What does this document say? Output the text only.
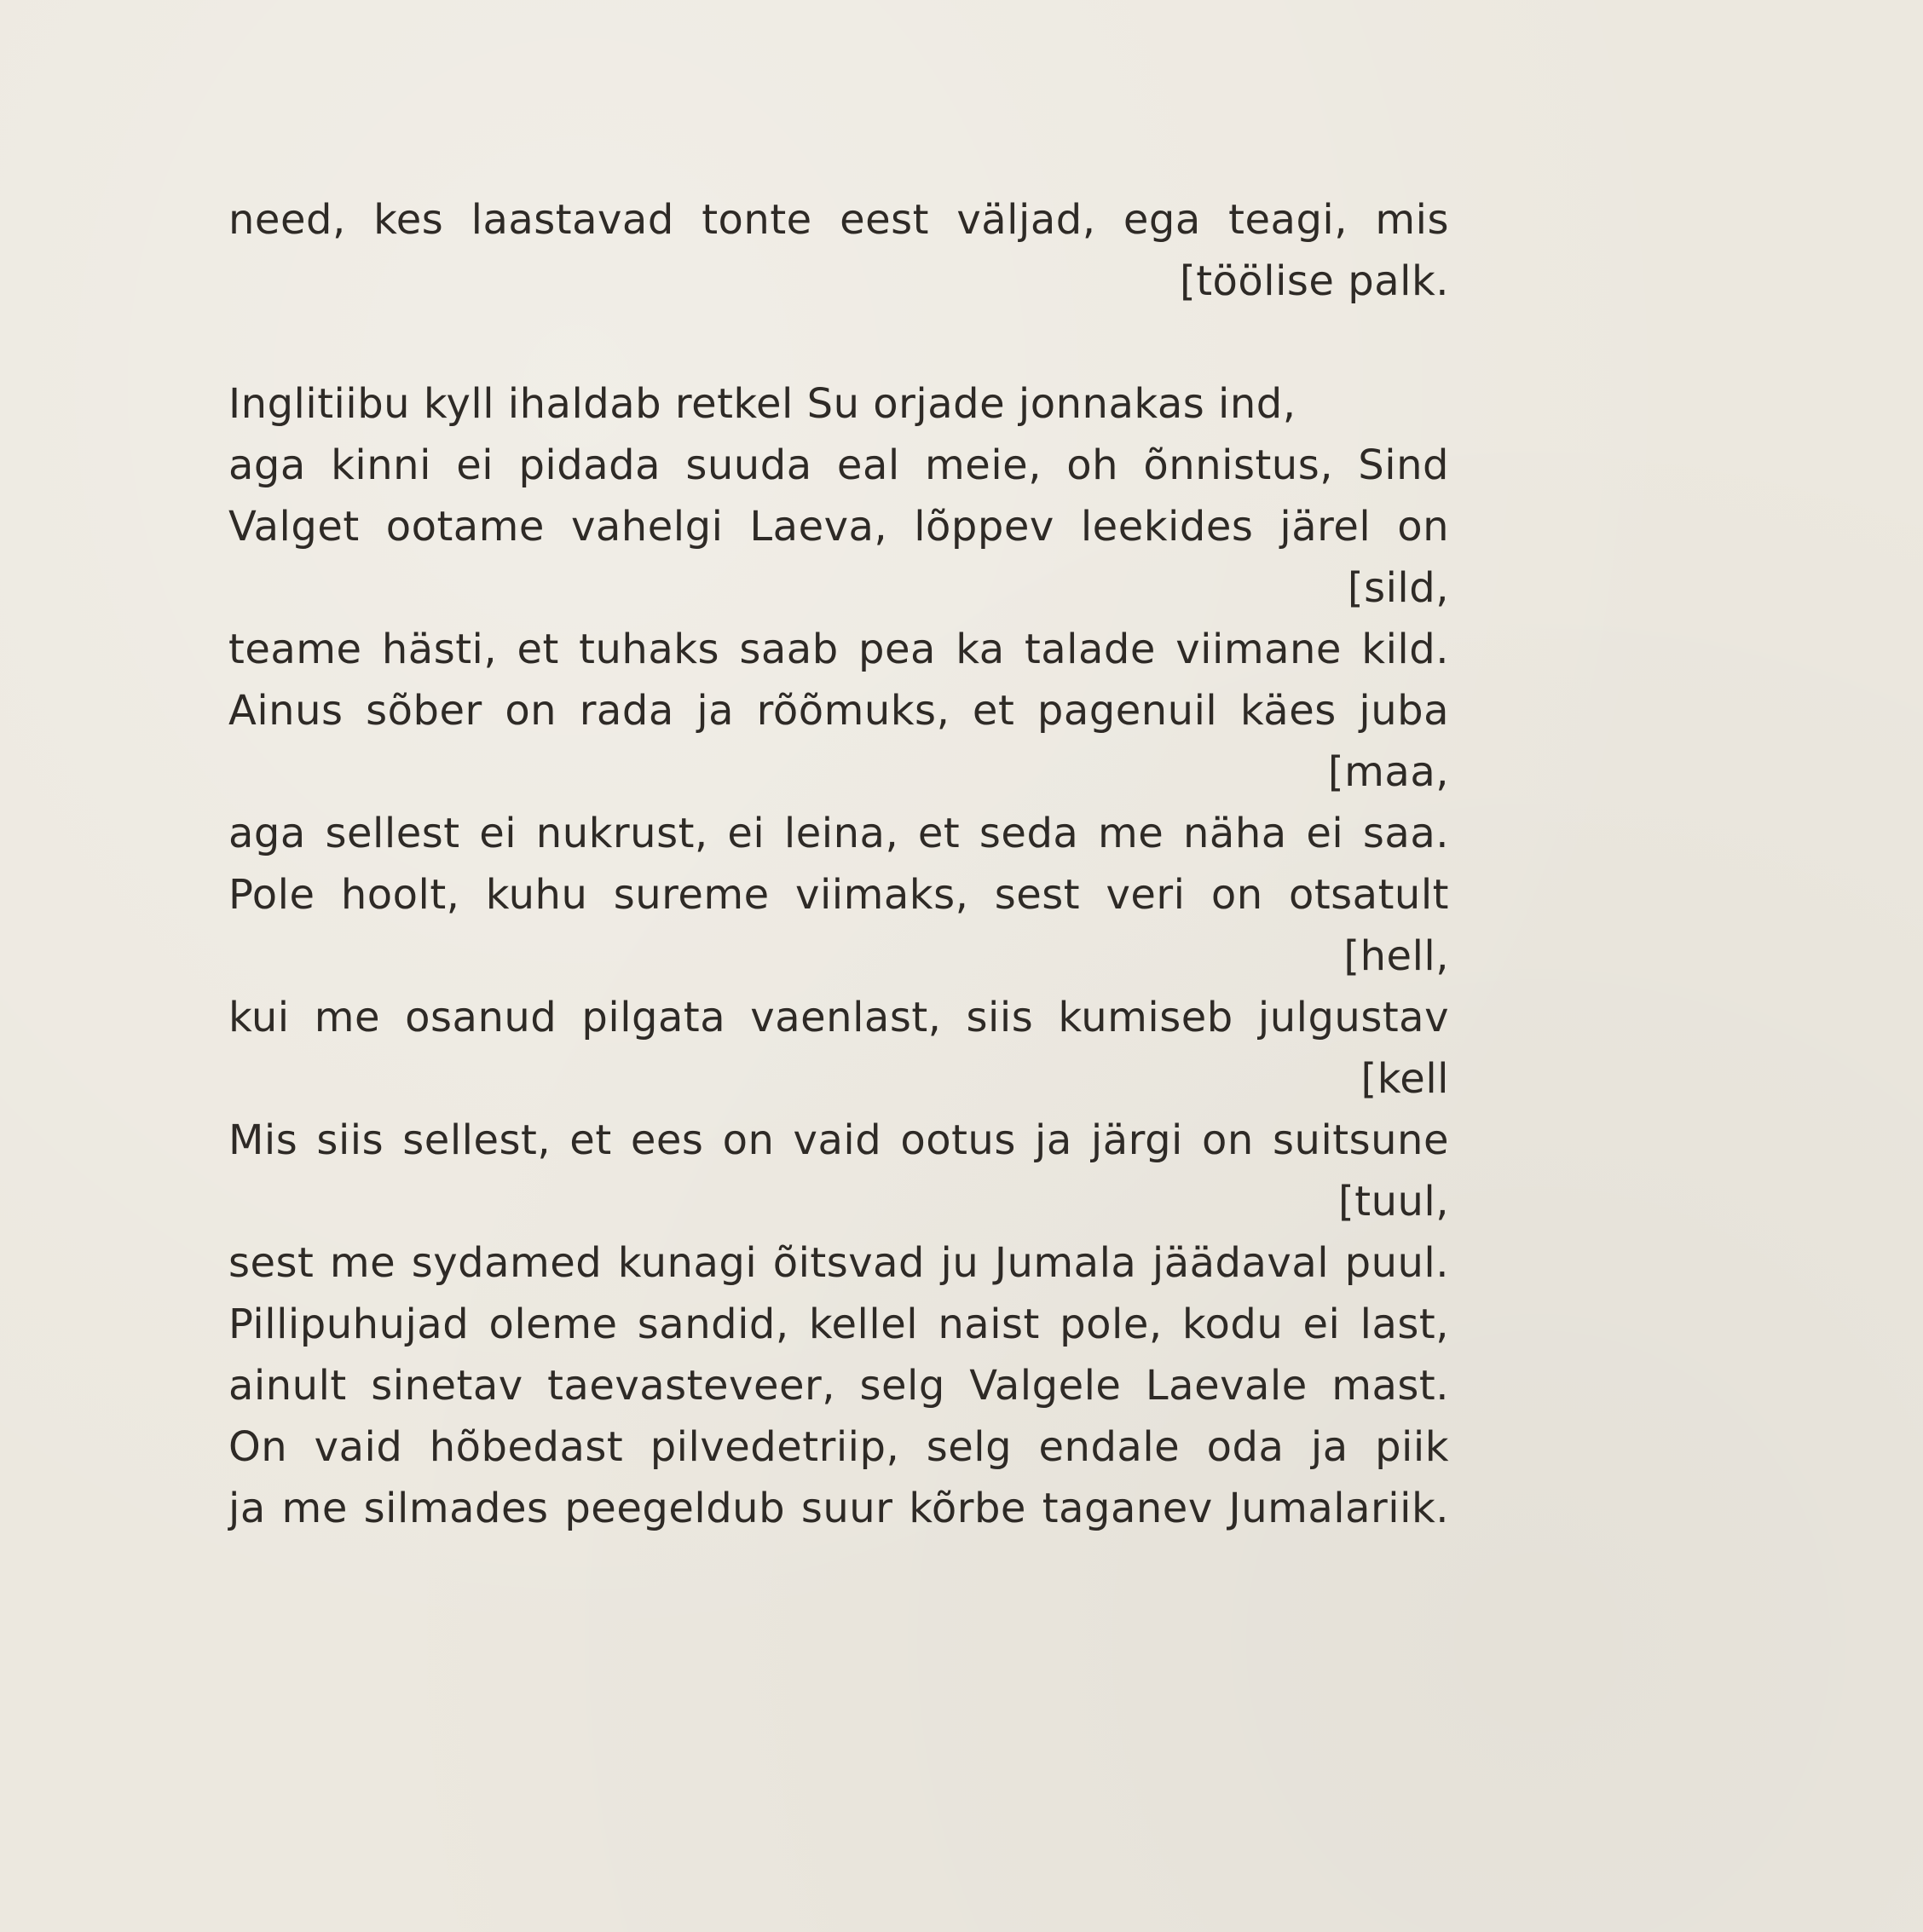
need, kes laastavad tonte eest väljad, ega teagi, mis
[töölise palk.
Inglitiibu kyll ihaldab retkel Su orjade jonnakas ind,
aga kinni ei pidada suuda eal meie, oh õnnistus, Sind
Valget ootame vahelgi Laeva, lõppev leekides järel on
[sild,
teame hästi, et tuhaks saab pea ka talade viimane kild.
Ainus sõber on rada ja rõõmuks, et pagenuil käes juba
[maa,
aga sellest ei nukrust, ei leina, et seda me näha ei saa.
Pole hoolt, kuhu sureme viimaks, sest veri on otsatult
[hell,
kui me osanud pilgata vaenlast, siis kumiseb julgustav
[kell
Mis siis sellest, et ees on vaid ootus ja järgi on suitsune
[tuul,
sest me sydamed kunagi õitsvad ju Jumala jäädaval puul.
Pillipuhujad oleme sandid, kellel naist pole, kodu ei last,
ainult sinetav taevasteveer, selg Valgele Laevale mast.
On vaid hõbedast pilvedetriip, selg endale oda ja piik
ja me silmades peegeldub suur kõrbe taganev Jumalariik.
